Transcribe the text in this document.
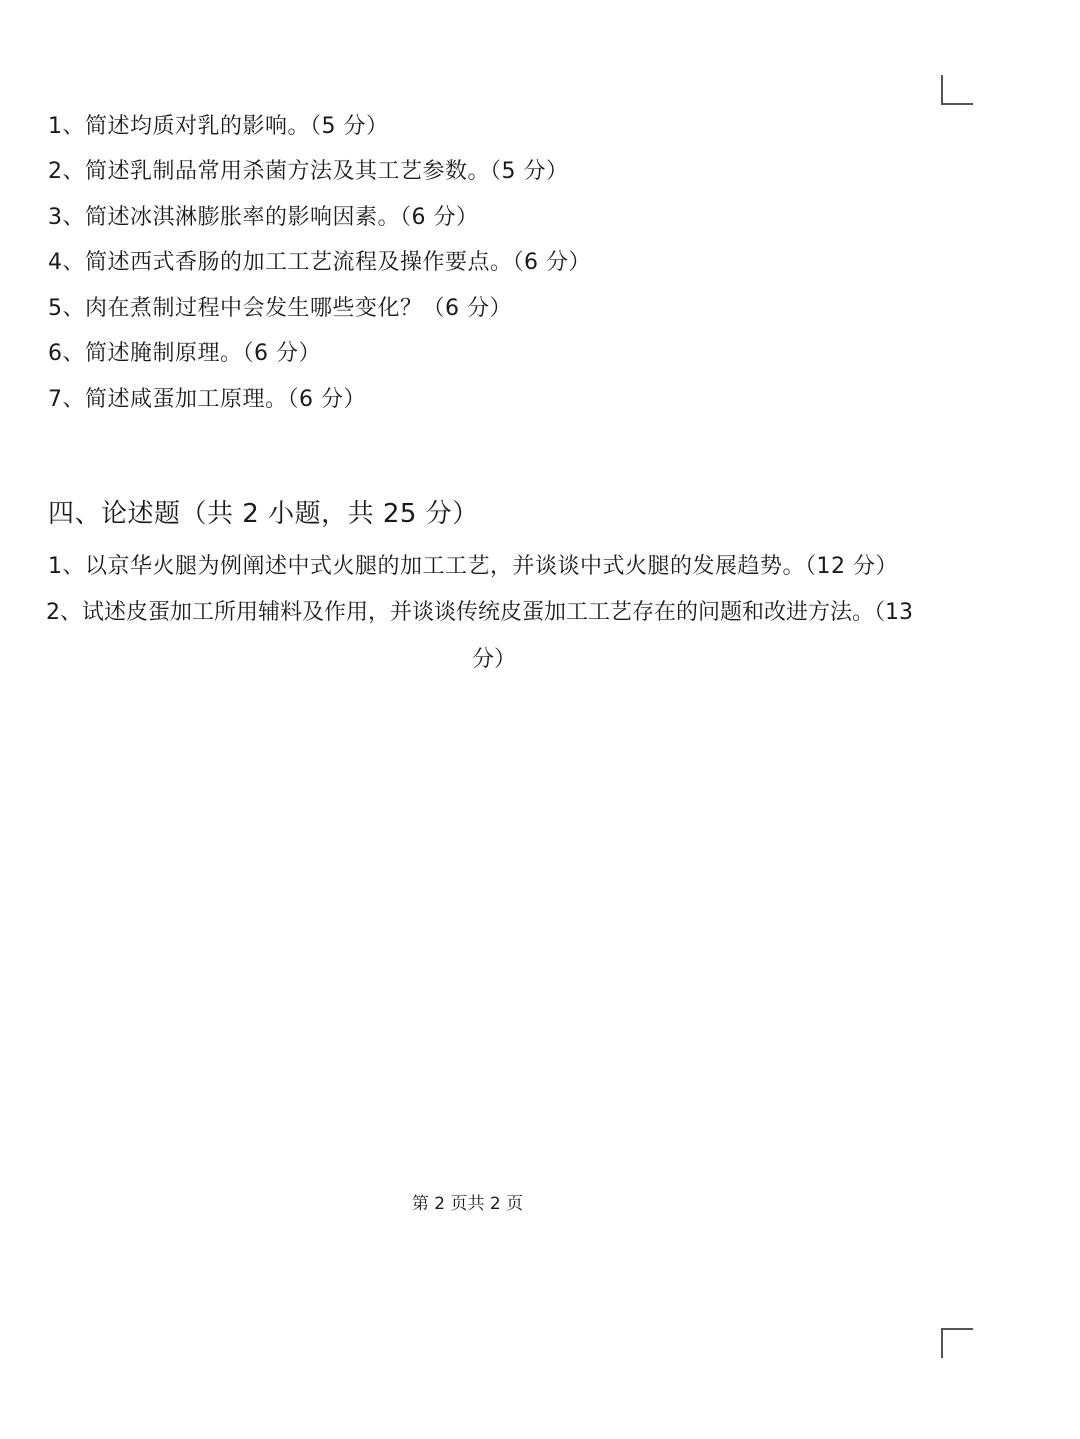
1、简述均质对乳的影响。（5 分）
2、简述乳制品常用杀菌方法及其工艺参数。（5 分）
3、简述冰淇淋膨胀率的影响因素。（6 分）
4、简述西式香肠的加工工艺流程及操作要点。（6 分）
5、肉在煮制过程中会发生哪些变化？（6 分）
6、简述腌制原理。（6 分）
7、简述咸蛋加工原理。（6 分）
四、论述题（共 2 小题，共 25 分）
1、以京华火腿为例阐述中式火腿的加工工艺，并谈谈中式火腿的发展趋势。（12 分）
2、试述皮蛋加工所用辅料及作用，并谈谈传统皮蛋加工工艺存在的问题和改进方法。（13
分）
第 2 页共 2 页
